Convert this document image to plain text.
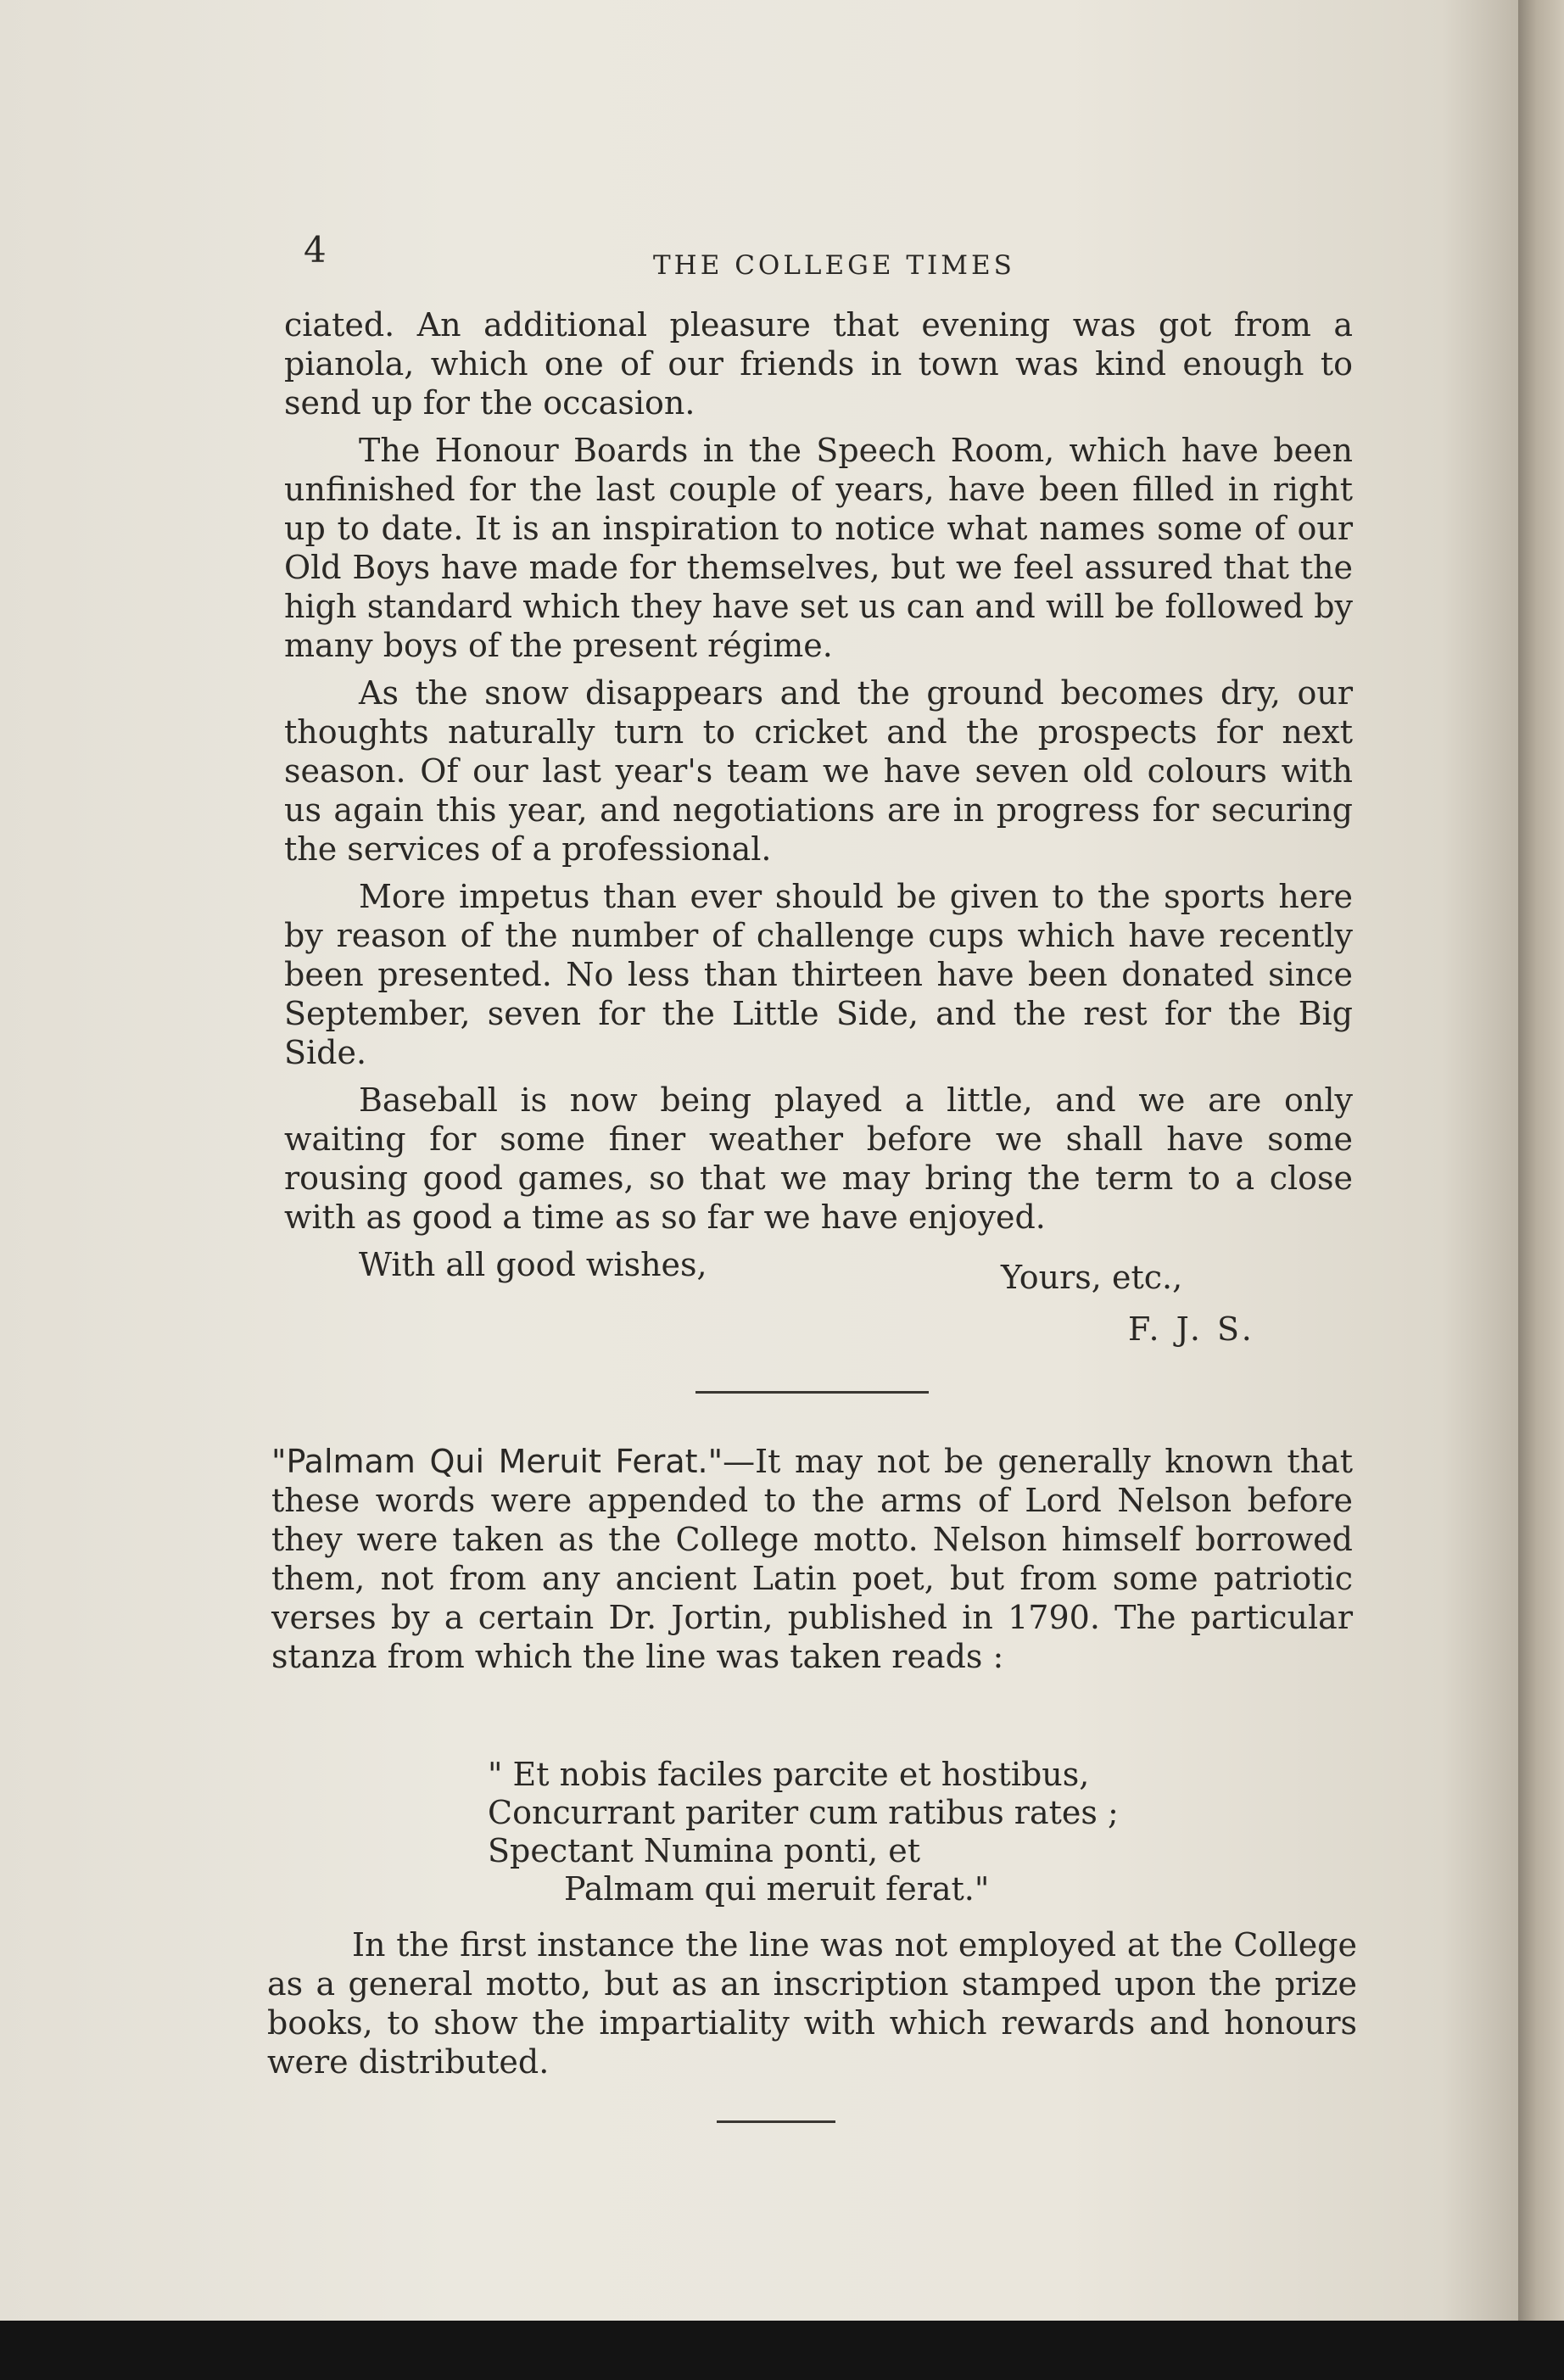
4	THE COLLEGE TIMES

ciated. An additional pleasure that evening was got from a pianola, which one of our friends in town was kind enough to send up for the occasion.

The Honour Boards in the Speech Room, which have been unfinished for the last couple of years, have been filled in right up to date. It is an inspiration to notice what names some of our Old Boys have made for themselves, but we feel assured that the high standard which they have set us can and will be followed by many boys of the present régime.

As the snow disappears and the ground becomes dry, our thoughts naturally turn to cricket and the prospects for next season. Of our last year's team we have seven old colours with us again this year, and negotiations are in progress for securing the services of a professional.

More impetus than ever should be given to the sports here by reason of the number of challenge cups which have recently been presented. No less than thirteen have been donated since September, seven for the Little Side, and the rest for the Big Side.

Baseball is now being played a little, and we are only waiting for some finer weather before we shall have some rousing good games, so that we may bring the term to a close with as good a time as so far we have enjoyed.

With all good wishes,	Yours, etc.,
F. J. S.
"Palmam Qui Meruit Ferat."—It may not be generally known that these words were appended to the arms of Lord Nelson before they were taken as the College motto. Nelson himself borrowed them, not from any ancient Latin poet, but from some patriotic verses by a certain Dr. Jortin, published in 1790. The particular stanza from which the line was taken reads :
" Et nobis faciles parcite et hostibus,
Concurrant pariter cum ratibus rates ;
Spectant Numina ponti, et
Palmam qui meruit ferat."

In the first instance the line was not employed at the College as a general motto, but as an inscription stamped upon the prize books, to show the impartiality with which rewards and honours were distributed.
